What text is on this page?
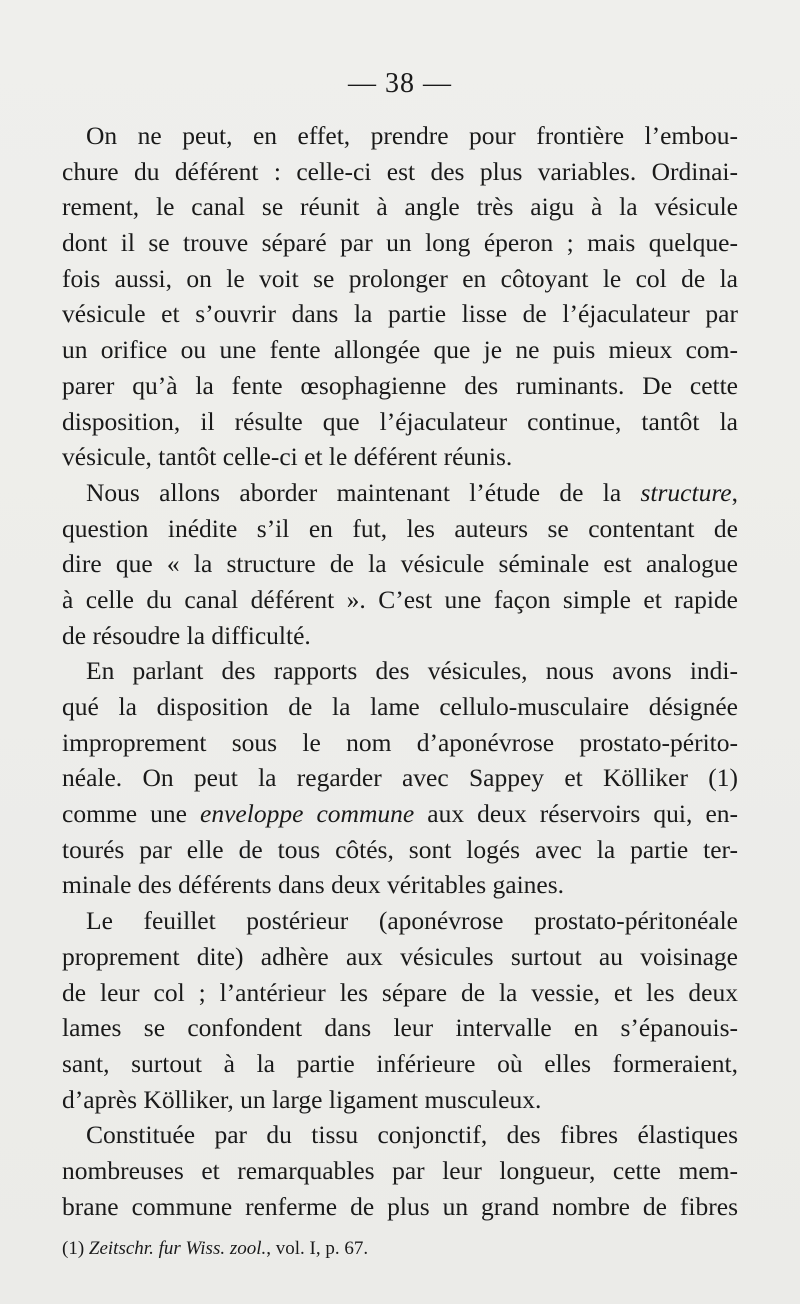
— 38 —
On ne peut, en effet, prendre pour frontière l’embou-
chure du déférent : celle-ci est des plus variables. Ordinai-
rement, le canal se réunit à angle très aigu à la vésicule
dont il se trouve séparé par un long éperon ; mais quelque-
fois aussi, on le voit se prolonger en côtoyant le col de la
vésicule et s’ouvrir dans la partie lisse de l’éjaculateur par
un orifice ou une fente allongée que je ne puis mieux com-
parer qu’à la fente œsophagienne des ruminants. De cette
disposition, il résulte que l’éjaculateur continue, tantôt la
vésicule, tantôt celle-ci et le déférent réunis.
Nous allons aborder maintenant l’étude de la structure,
question inédite s’il en fut, les auteurs se contentant de
dire que « la structure de la vésicule séminale est analogue
à celle du canal déférent ». C’est une façon simple et rapide
de résoudre la difficulté.
En parlant des rapports des vésicules, nous avons indi-
qué la disposition de la lame cellulo-musculaire désignée
improprement sous le nom d’aponévrose prostato-périto-
néale. On peut la regarder avec Sappey et Kölliker (1)
comme une enveloppe commune aux deux réservoirs qui, en-
tourés par elle de tous côtés, sont logés avec la partie ter-
minale des déférents dans deux véritables gaines.
Le feuillet postérieur (aponévrose prostato-péritonéale
proprement dite) adhère aux vésicules surtout au voisinage
de leur col ; l’antérieur les sépare de la vessie, et les deux
lames se confondent dans leur intervalle en s’épanouis-
sant, surtout à la partie inférieure où elles formeraient,
d’après Kölliker, un large ligament musculeux.
Constituée par du tissu conjonctif, des fibres élastiques
nombreuses et remarquables par leur longueur, cette mem-
brane commune renferme de plus un grand nombre de fibres
(1) Zeitschr. fur Wiss. zool., vol. I, p. 67.
